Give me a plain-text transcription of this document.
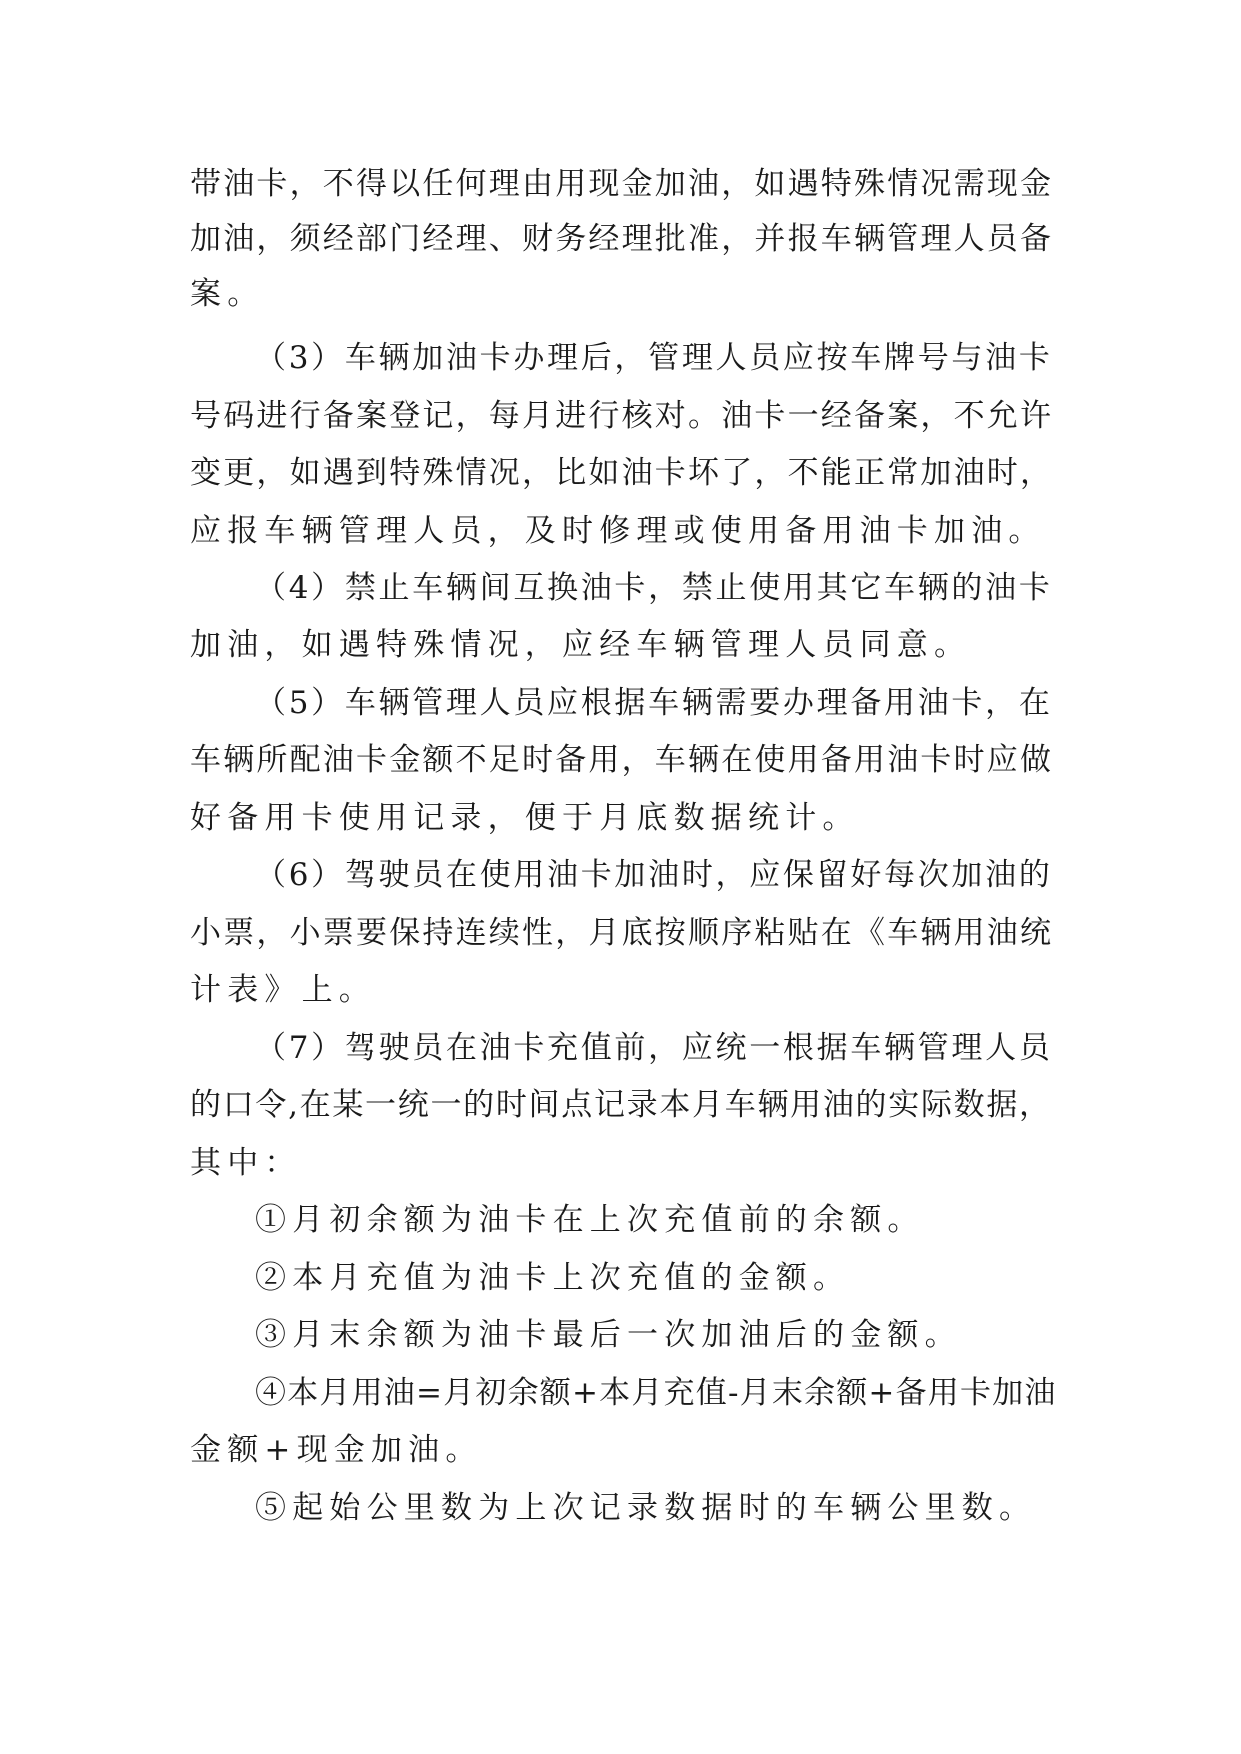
带油卡，不得以任何理由用现金加油，如遇特殊情况需现金
加油，须经部门经理、财务经理批准，并报车辆管理人员备
案。
（3）车辆加油卡办理后，管理人员应按车牌号与油卡
号码进行备案登记，每月进行核对。油卡一经备案，不允许
变更，如遇到特殊情况，比如油卡坏了，不能正常加油时，
应报车辆管理人员，及时修理或使用备用油卡加油。
（4）禁止车辆间互换油卡，禁止使用其它车辆的油卡
加油，如遇特殊情况，应经车辆管理人员同意。
（5）车辆管理人员应根据车辆需要办理备用油卡，在
车辆所配油卡金额不足时备用，车辆在使用备用油卡时应做
好备用卡使用记录，便于月底数据统计。
（6）驾驶员在使用油卡加油时，应保留好每次加油的
小票，小票要保持连续性，月底按顺序粘贴在《车辆用油统
计表》上。
（7）驾驶员在油卡充值前，应统一根据车辆管理人员
的口令,在某一统一的时间点记录本月车辆用油的实际数据，
其中：
①月初余额为油卡在上次充值前的余额。
②本月充值为油卡上次充值的金额。
③月末余额为油卡最后一次加油后的金额。
④本月用油=月初余额+本月充值-月末余额+备用卡加油
金额+现金加油。
⑤起始公里数为上次记录数据时的车辆公里数。
